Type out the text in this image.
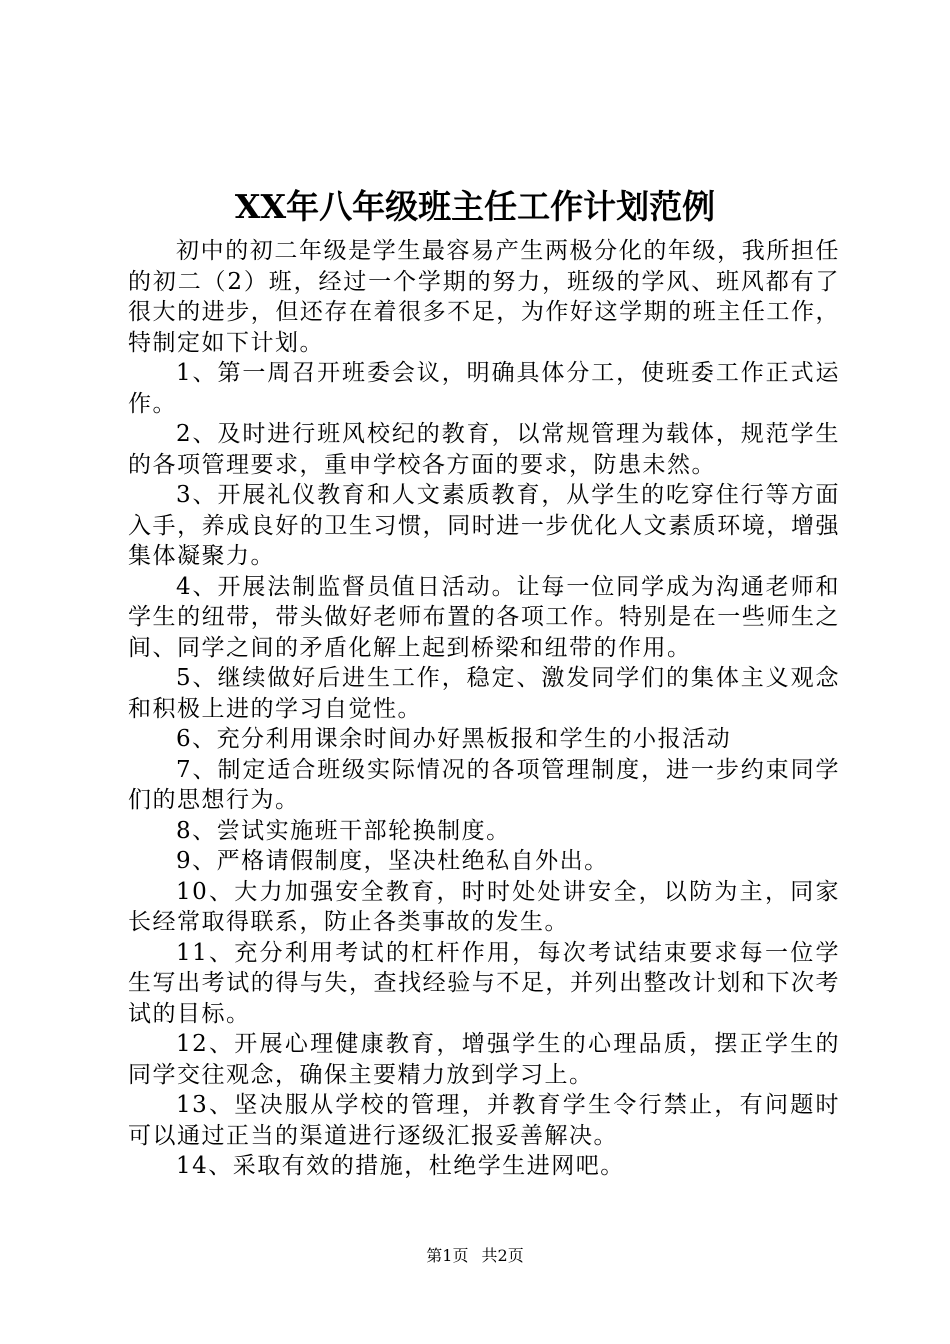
XX年八年级班主任工作计划范例

初中的初二年级是学生最容易产生两极分化的年级，我所担任的初二（2）班，经过一个学期的努力，班级的学风、班风都有了很大的进步，但还存在着很多不足，为作好这学期的班主任工作，特制定如下计划。

1、第一周召开班委会议，明确具体分工，使班委工作正式运作。

2、及时进行班风校纪的教育，以常规管理为载体，规范学生的各项管理要求，重申学校各方面的要求，防患未然。

3、开展礼仪教育和人文素质教育，从学生的吃穿住行等方面入手，养成良好的卫生习惯，同时进一步优化人文素质环境，增强集体凝聚力。

4、开展法制监督员值日活动。让每一位同学成为沟通老师和学生的纽带，带头做好老师布置的各项工作。特别是在一些师生之间、同学之间的矛盾化解上起到桥梁和纽带的作用。

5、继续做好后进生工作，稳定、激发同学们的集体主义观念和积极上进的学习自觉性。

6、充分利用课余时间办好黑板报和学生的小报活动

7、制定适合班级实际情况的各项管理制度，进一步约束同学们的思想行为。

8、尝试实施班干部轮换制度。

9、严格请假制度，坚决杜绝私自外出。

10、大力加强安全教育，时时处处讲安全，以防为主，同家长经常取得联系，防止各类事故的发生。

11、充分利用考试的杠杆作用，每次考试结束要求每一位学生写出考试的得与失，查找经验与不足，并列出整改计划和下次考试的目标。

12、开展心理健康教育，增强学生的心理品质，摆正学生的同学交往观念，确保主要精力放到学习上。

13、坚决服从学校的管理，并教育学生令行禁止，有问题时可以通过正当的渠道进行逐级汇报妥善解决。

14、采取有效的措施，杜绝学生进网吧。

第1页 共2页
